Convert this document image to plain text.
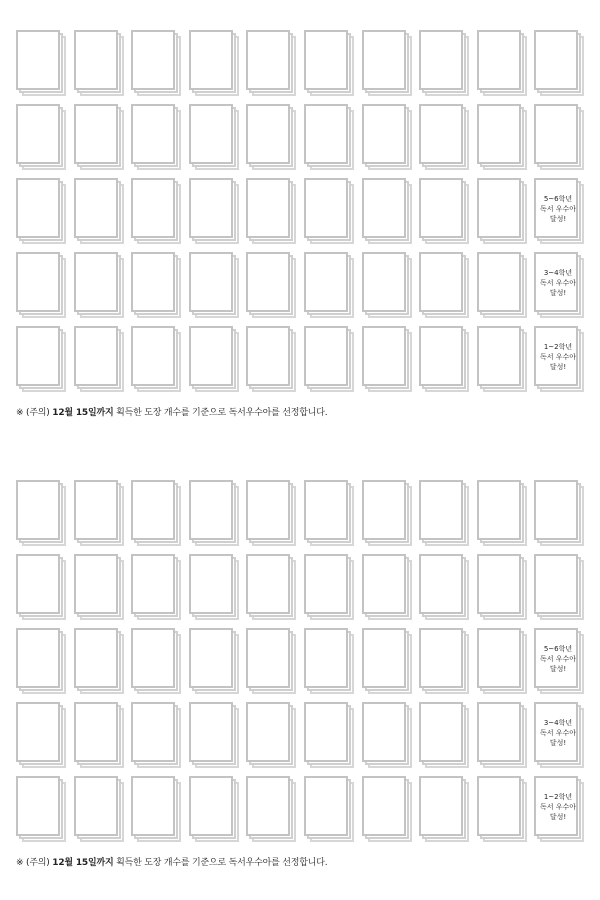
5~6학년
독서 우수아
달성!
3~4학년
독서 우수아
달성!
1~2학년
독서 우수아
달성!
※ (주의) 12월 15일까지 획득한 도장 개수를 기준으로 독서우수아를 선정합니다.
5~6학년
독서 우수아
달성!
3~4학년
독서 우수아
달성!
1~2학년
독서 우수아
달성!
※ (주의) 12월 15일까지 획득한 도장 개수를 기준으로 독서우수아를 선정합니다.
